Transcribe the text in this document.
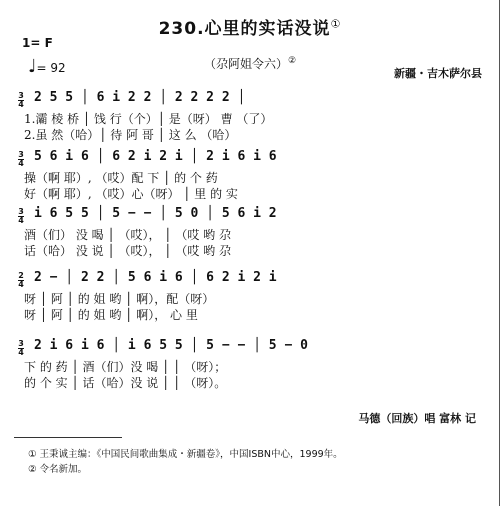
230.心里的实话没说①
1= F
♩= 92	（尕阿姐令六）②
新疆・吉木萨尔县
3
4 2 5 5 │ 6 i 2 2 │ 2 2 2 2 │
1.灞 棱 桥 │ 饯 行（个）│ 是（呀） 曹 （了）
2.虽 然（哈）│ 待 阿 哥 │ 这 么 （哈）
3
4 5 6 i 6 │ 6 2 i 2 i │ 2 i 6 i 6
操（啊 耶）, （哎）配 下 │ 的 个 药
好（啊 耶）, （哎）心（呀） │ 里 的 实
3
4 i 6 5 5 │ 5 − − │ 5 0 │ 5 6 i 2
酒（们） 没 喝 │ （哎）， │ （哎 哟 尕
话（哈） 没 说 │ （哎）， │ （哎 哟 尕
2
4 2 − │ 2 2 │ 5 6 i 6 │ 6 2 i 2 i
呀 │ 阿 │ 的 姐 哟 │ 啊），配（呀）
呀 │ 阿 │ 的 姐 哟 │ 啊）， 心 里
3
4 2 i 6 i 6 │ i 6 5 5 │ 5 − − │ 5 − 0
下 的 药 │ 酒（们）没 喝 │ │ （呀）；
的 个 实 │ 话（哈）没 说 │ │ （呀）。
马德（回族）唱 富林 记
① 王秉诚主编：《中国民间歌曲集成・新疆卷》，中国ISBN中心，1999年。
② 令名新加。
